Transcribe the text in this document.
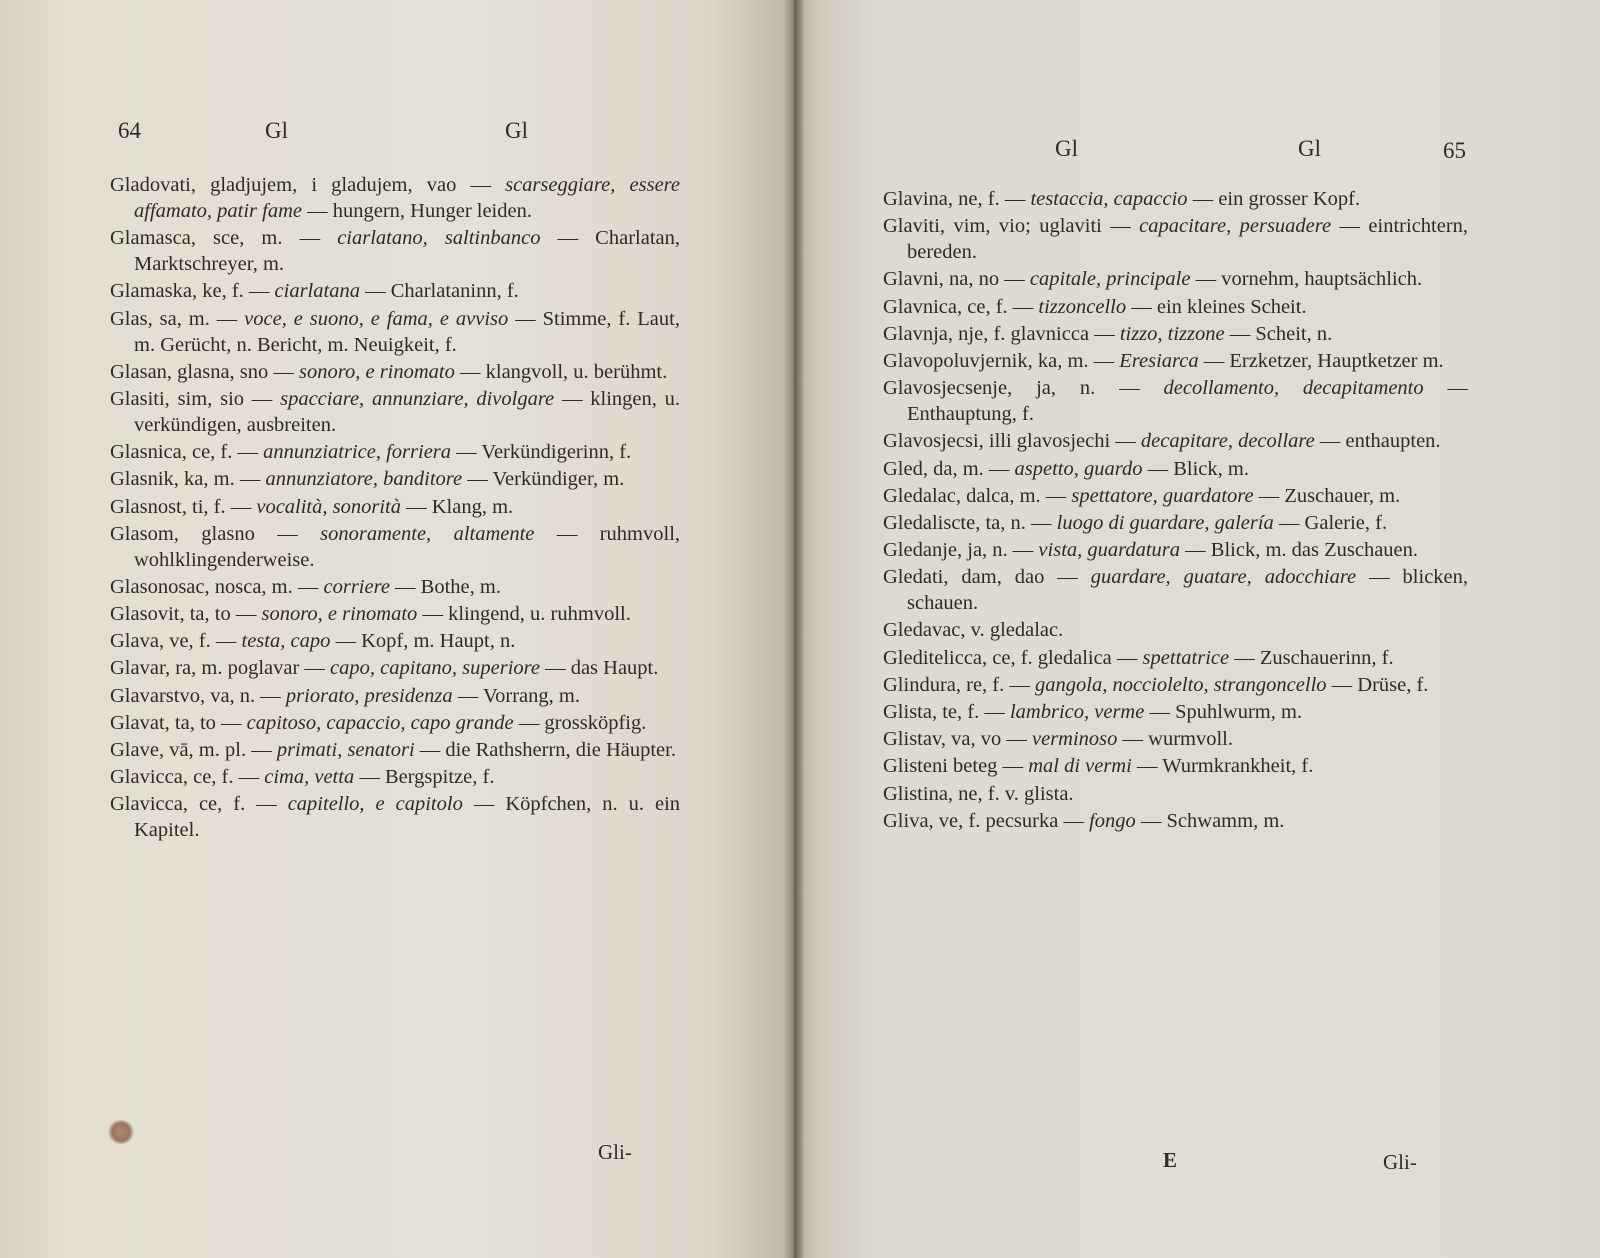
64	Gl	Gl
Gladovati, gladjujem, i gladujem, vao — scarseggiare, essere affamato, patir fame — hungern, Hunger leiden.
Glamasca, sce, m. — ciarlatano, saltinbanco — Charlatan, Marktschreyer, m.
Glamaska, ke, f. — ciarlatana — Charlataninn, f.
Glas, sa, m. — voce, e suono, e fama, e avviso — Stimme, f. Laut, m. Gerücht, n. Bericht, m. Neuigkeit, f.
Glasan, glasna, sno — sonoro, e rinomato — klangvoll, u. berühmt.
Glasiti, sim, sio — spacciare, annunziare, divolgare — klingen, u. verkündigen, ausbreiten.
Glasnica, ce, f. — annunziatrice, forriera — Verkündigerinn, f.
Glasnik, ka, m. — annunziatore, banditore — Verkündiger, m.
Glasnost, ti, f. — vocalità, sonorità — Klang, m.
Glasom, glasno — sonoramente, altamente — ruhmvoll, wohlklingenderweise.
Glasonosac, nosca, m. — corriere — Bothe, m.
Glasovit, ta, to — sonoro, e rinomato — klingend, u. ruhmvoll.
Glava, ve, f. — testa, capo — Kopf, m. Haupt, n.
Glavar, ra, m. poglavar — capo, capitano, superiore — das Haupt.
Glavarstvo, va, n. — priorato, presidenza — Vorrang, m.
Glavat, ta, to — capitoso, capaccio, capo grande — grossköpfig.
Glave, vā, m. pl. — primati, senatori — die Rathsherrn, die Häupter.
Glavicca, ce, f. — cima, vetta — Bergspitze, f.
Glavicca, ce, f. — capitello, e capitolo — Köpfchen, n. u. ein Kapitel.
Gli-
Gl	Gl	65
Glavina, ne, f. — testaccia, capaccio — ein grosser Kopf.
Glaviti, vim, vio; uglaviti — capacitare, persuadere — eintrichtern, bereden.
Glavni, na, no — capitale, principale — vornehm, hauptsächlich.
Glavnica, ce, f. — tizzoncello — ein kleines Scheit.
Glavnja, nje, f. glavnicca — tizzo, tizzone — Scheit, n.
Glavopoluvjernik, ka, m. — Eresiarca — Erzketzer, Hauptketzer m.
Glavosjecsenje, ja, n. — decollamento, decapitamento — Enthauptung, f.
Glavosjecsi, illi glavosjechi — decapitare, decollare — enthaupten.
Gled, da, m. — aspetto, guardo — Blick, m.
Gledalac, dalca, m. — spettatore, guardatore — Zuschauer, m.
Gledaliscte, ta, n. — luogo di guardare, galería — Galerie, f.
Gledanje, ja, n. — vista, guardatura — Blick, m. das Zuschauen.
Gledati, dam, dao — guardare, guatare, adocchiare — blicken, schauen.
Gledavac, v. gledalac.
Gleditelicca, ce, f. gledalica — spettatrice — Zuschauerinn, f.
Glindura, re, f. — gangola, nocciolelto, strangoncello — Drüse, f.
Glista, te, f. — lambrico, verme — Spuhlwurm, m.
Glistav, va, vo — verminoso — wurmvoll.
Glisteni beteg — mal di vermi — Wurmkrankheit, f.
Glistina, ne, f. v. glista.
Gliva, ve, f. pecsurka — fongo — Schwamm, m.
E	Gli-
